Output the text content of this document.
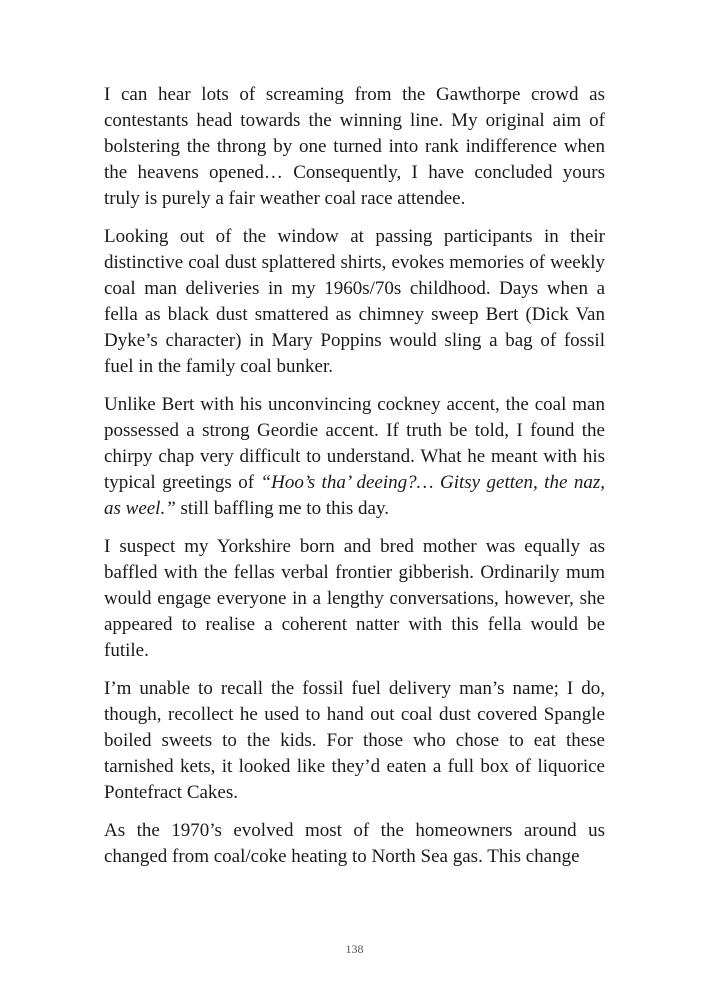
I can hear lots of screaming from the Gawthorpe crowd as contestants head towards the winning line. My original aim of bolstering the throng by one turned into rank indifference when the heavens opened… Consequently, I have concluded yours truly is purely a fair weather coal race attendee.

Looking out of the window at passing participants in their distinctive coal dust splattered shirts, evokes memories of weekly coal man deliveries in my 1960s/70s childhood. Days when a fella as black dust smattered as chimney sweep Bert (Dick Van Dyke’s character) in Mary Poppins would sling a bag of fossil fuel in the family coal bunker.

Unlike Bert with his unconvincing cockney accent, the coal man possessed a strong Geordie accent. If truth be told, I found the chirpy chap very difficult to understand. What he meant with his typical greetings of “Hoo’s tha’ deeing?… Gitsy getten, the naz, as weel.” still baffling me to this day.

I suspect my Yorkshire born and bred mother was equally as baffled with the fellas verbal frontier gibberish. Ordinarily mum would engage everyone in a lengthy conversations, however, she appeared to realise a coherent natter with this fella would be futile.

I’m unable to recall the fossil fuel delivery man’s name; I do, though, recollect he used to hand out coal dust covered Spangle boiled sweets to the kids. For those who chose to eat these tarnished kets, it looked like they’d eaten a full box of liquorice Pontefract Cakes.

As the 1970’s evolved most of the homeowners around us changed from coal/coke heating to North Sea gas. This change

138
